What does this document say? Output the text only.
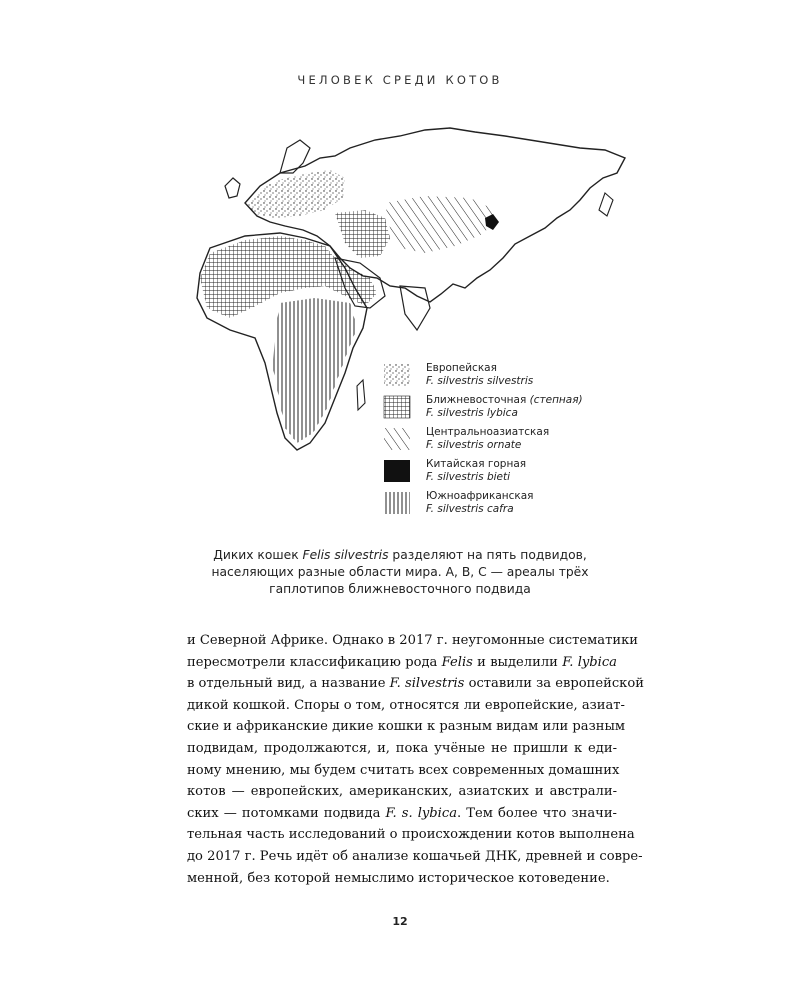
ЧЕЛОВЕК СРЕДИ КОТОВ
Европейская
F. silvestris silvestris
Ближневосточная (степная)
F. silvestris lybica
Центральноазиатская
F. silvestris ornate
Китайская горная
F. silvestris bieti
Южноафриканская
F. silvestris cafra
Диких кошек Felis silvestris разделяют на пять подвидов,
населяющих разные области мира. A, B, C — ареалы трёх
гаплотипов ближневосточного подвида
и Северной Африке. Однако в 2017 г. неугомонные систематики
пересмотрели классификацию рода Felis и выделили F. lybica
в отдельный вид, а название F. silvestris оставили за европейской
дикой кошкой. Споры о том, относятся ли европейские, азиат-
ские и африканские дикие кошки к разным видам или разным
подвидам, продолжаются, и, пока учёные не пришли к еди-
ному мнению, мы будем считать всех современных домашних
котов — европейских, американских, азиатских и австрали-
ских — потомками подвида F. s. lybica. Тем более что значи-
тельная часть исследований о происхождении котов выполнена
до 2017 г. Речь идёт об анализе кошачьей ДНК, древней и совре-
менной, без которой немыслимо историческое котоведение.
12
